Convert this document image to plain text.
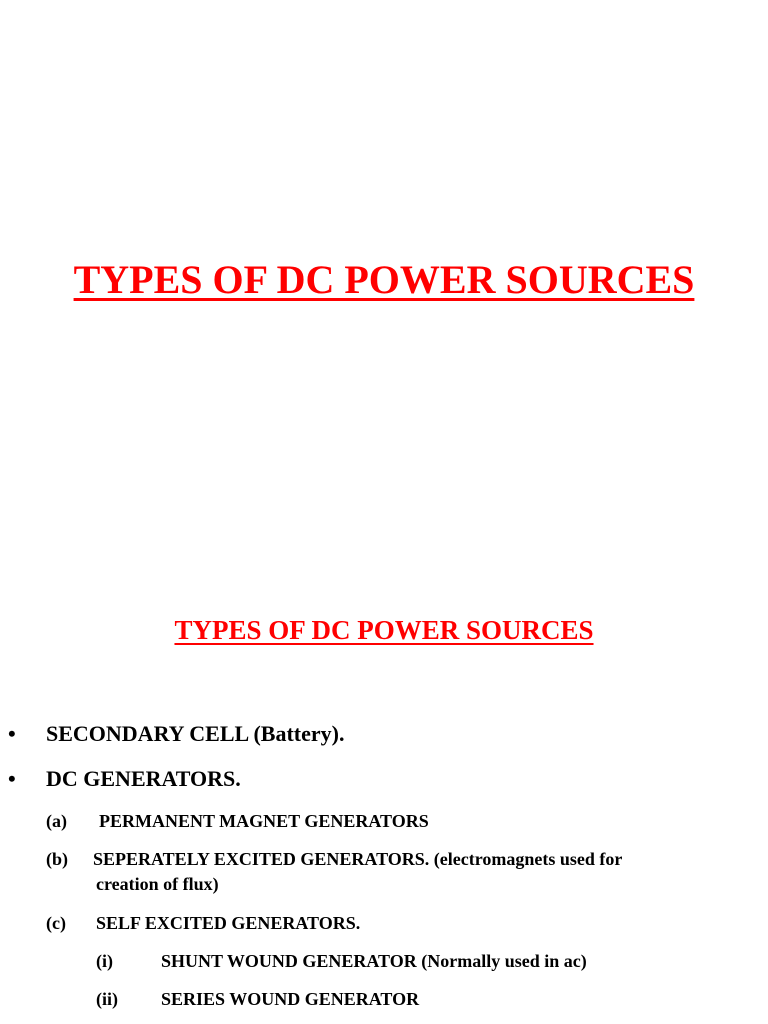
TYPES OF DC POWER SOURCES
TYPES OF DC POWER SOURCES
• SECONDARY CELL (Battery).
• DC GENERATORS.
(a) PERMANENT MAGNET GENERATORS
(b) SEPERATELY EXCITED GENERATORS. (electromagnets used for
creation of flux)
(c) SELF EXCITED GENERATORS.
(i)	SHUNT WOUND GENERATOR (Normally used in ac)
(ii) SERIES WOUND GENERATOR
